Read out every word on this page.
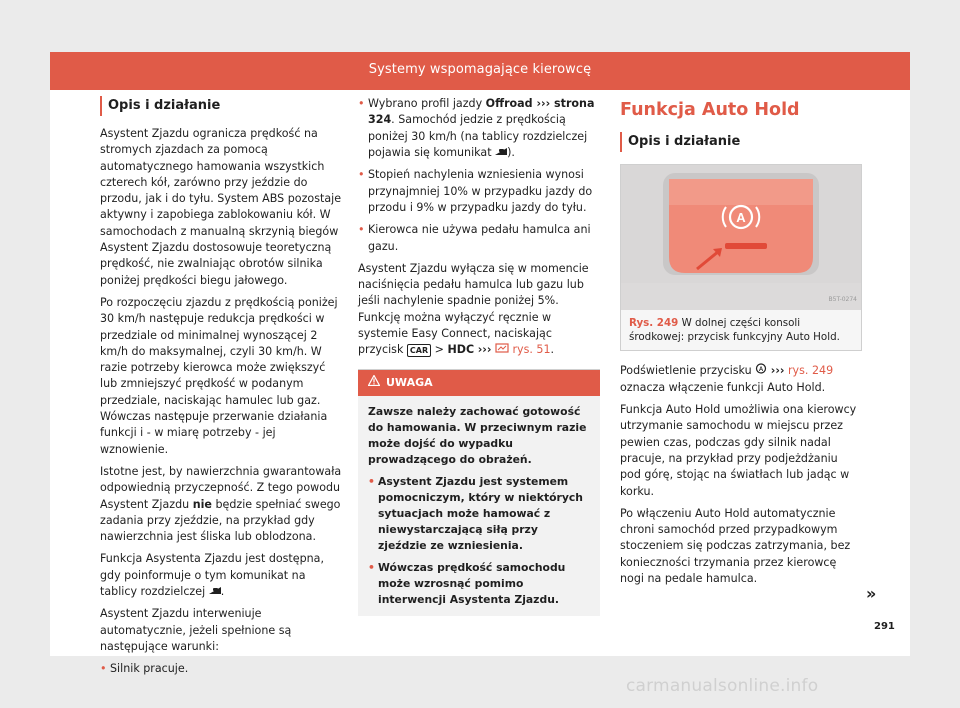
Systemy wspomagające kierowcę
Opis i działanie

Asystent Zjazdu ogranicza prędkość na stromych zjazdach za pomocą automatycznego hamowania wszystkich czterech kół, zarówno przy jeździe do przodu, jak i do tyłu. System ABS pozostaje aktywny i zapobiega zablokowaniu kół. W samochodach z manualną skrzynią biegów Asystent Zjazdu dostosowuje teoretyczną prędkość, nie zwalniając obrotów silnika poniżej prędkości biegu jałowego.

Po rozpoczęciu zjazdu z prędkością poniżej 30 km/h następuje redukcja prędkości w przedziale od minimalnej wynoszącej 2 km/h do maksymalnej, czyli 30 km/h. W razie potrzeby kierowca może zwiększyć lub zmniejszyć prędkość w podanym przedziale, naciskając hamulec lub gaz. Wówczas następuje przerwanie działania funkcji i - w miarę potrzeby - jej wznowienie.

Istotne jest, by nawierzchnia gwarantowała odpowiednią przyczepność. Z tego powodu Asystent Zjazdu nie będzie spełniać swego zadania przy zjeździe, na przykład gdy nawierzchnia jest śliska lub oblodzona.

Funkcja Asystenta Zjazdu jest dostępna, gdy poinformuje o tym komunikat na tablicy rozdzielczej .

Asystent Zjazdu interweniuje automatycznie, jeżeli spełnione są następujące warunki:

• Silnik pracuje.
• Wybrano profil jazdy Offroad ››› strona 324. Samochód jedzie z prędkością poniżej 30 km/h (na tablicy rozdzielczej pojawia się komunikat ).
• Stopień nachylenia wzniesienia wynosi przynajmniej 10% w przypadku jazdy do przodu i 9% w przypadku jazdy do tyłu.
• Kierowca nie używa pedału hamulca ani gazu.

Asystent Zjazdu wyłącza się w momencie naciśnięcia pedału hamulca lub gazu lub jeśli nachylenie spadnie poniżej 5%. Funkcję można wyłączyć ręcznie w systemie Easy Connect, naciskając przycisk CAR > HDC ››› rys. 51.

UWAGA

Zawsze należy zachować gotowość do hamowania. W przeciwnym razie może dojść do wypadku prowadzącego do obrażeń.

• Asystent Zjazdu jest systemem pomocniczym, który w niektórych sytuacjach może hamować z niewystarczającą siłą przy zjeździe ze wzniesienia.
• Wówczas prędkość samochodu może wzrosnąć pomimo interwencji Asystenta Zjazdu.
Funkcja Auto Hold
Opis i działanie
A
B5T-0274
Rys. 249 W dolnej części konsoli środkowej: przycisk funkcyjny Auto Hold.

Podświetlenie przycisku A ››› rys. 249 oznacza włączenie funkcji Auto Hold.

Funkcja Auto Hold umożliwia ona kierowcy utrzymanie samochodu w miejscu przez pewien czas, podczas gdy silnik nadal pracuje, na przykład przy podjeżdżaniu pod górę, stojąc na światłach lub jadąc w korku.

Po włączeniu Auto Hold automatycznie chroni samochód przed przypadkowym stoczeniem się podczas zatrzymania, bez konieczności trzymania przez kierowcę nogi na pedale hamulca.

»
291
carmanualsonline.info
